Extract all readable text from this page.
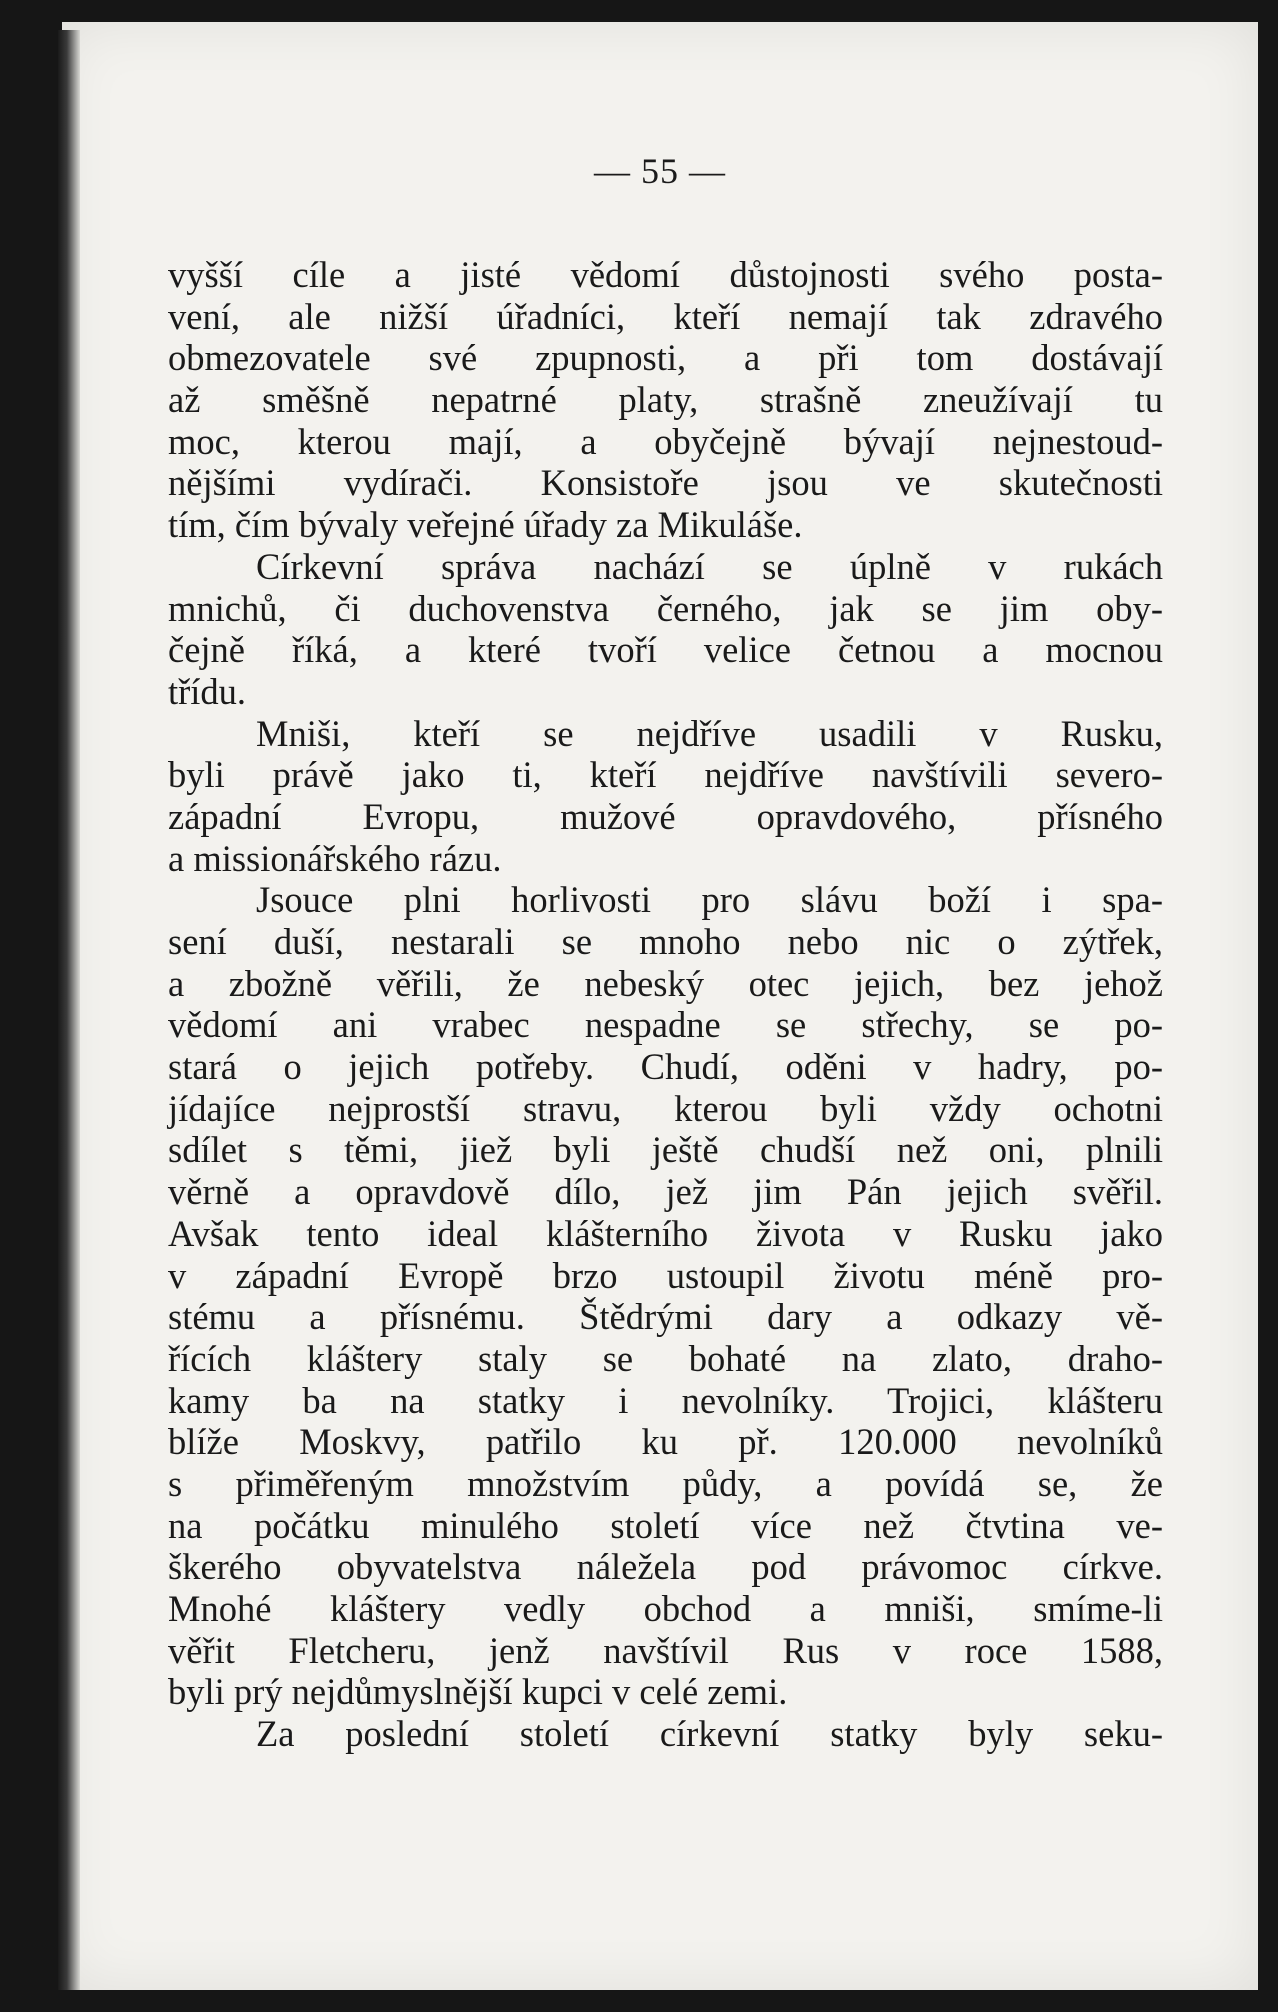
— 55 —
vyšší cíle a jisté vědomí důstojnosti svého posta-
vení, ale nižší úřadníci, kteří nemají tak zdravého
obmezovatele své zpupnosti, a při tom dostávají
až směšně nepatrné platy, strašně zneužívají tu
moc, kterou mají, a obyčejně bývají nejnestoud-
nějšími vydírači. Konsistoře jsou ve skutečnosti
tím, čím bývaly veřejné úřady za Mikuláše.
Církevní správa nachází se úplně v rukách
mnichů, či duchovenstva černého, jak se jim oby-
čejně říká, a které tvoří velice četnou a mocnou
třídu.
Mniši, kteří se nejdříve usadili v Rusku,
byli právě jako ti, kteří nejdříve navštívili severo-
západní Evropu, mužové opravdového, přísného
a missionářského rázu.
Jsouce plni horlivosti pro slávu boží i spa-
sení duší, nestarali se mnoho nebo nic o zýtřek,
a zbožně věřili, že nebeský otec jejich, bez jehož
vědomí ani vrabec nespadne se střechy, se po-
stará o jejich potřeby. Chudí, oděni v hadry, po-
jídajíce nejprostší stravu, kterou byli vždy ochotni
sdílet s těmi, jiež byli ještě chudší než oni, plnili
věrně a opravdově dílo, jež jim Pán jejich svěřil.
Avšak tento ideal klášterního života v Rusku jako
v západní Evropě brzo ustoupil životu méně pro-
stému a přísnému. Štědrými dary a odkazy vě-
řících kláštery staly se bohaté na zlato, draho-
kamy ba na statky i nevolníky. Trojici, klášteru
blíže Moskvy, patřilo ku př. 120.000 nevolníků
s přiměřeným množstvím půdy, a povídá se, že
na počátku minulého století více než čtvtina ve-
škerého obyvatelstva náležela pod právomoc církve.
Mnohé kláštery vedly obchod a mniši, smíme-li
věřit Fletcheru, jenž navštívil Rus v roce 1588,
byli prý nejdůmyslnější kupci v celé zemi.
Za poslední století církevní statky byly seku-
